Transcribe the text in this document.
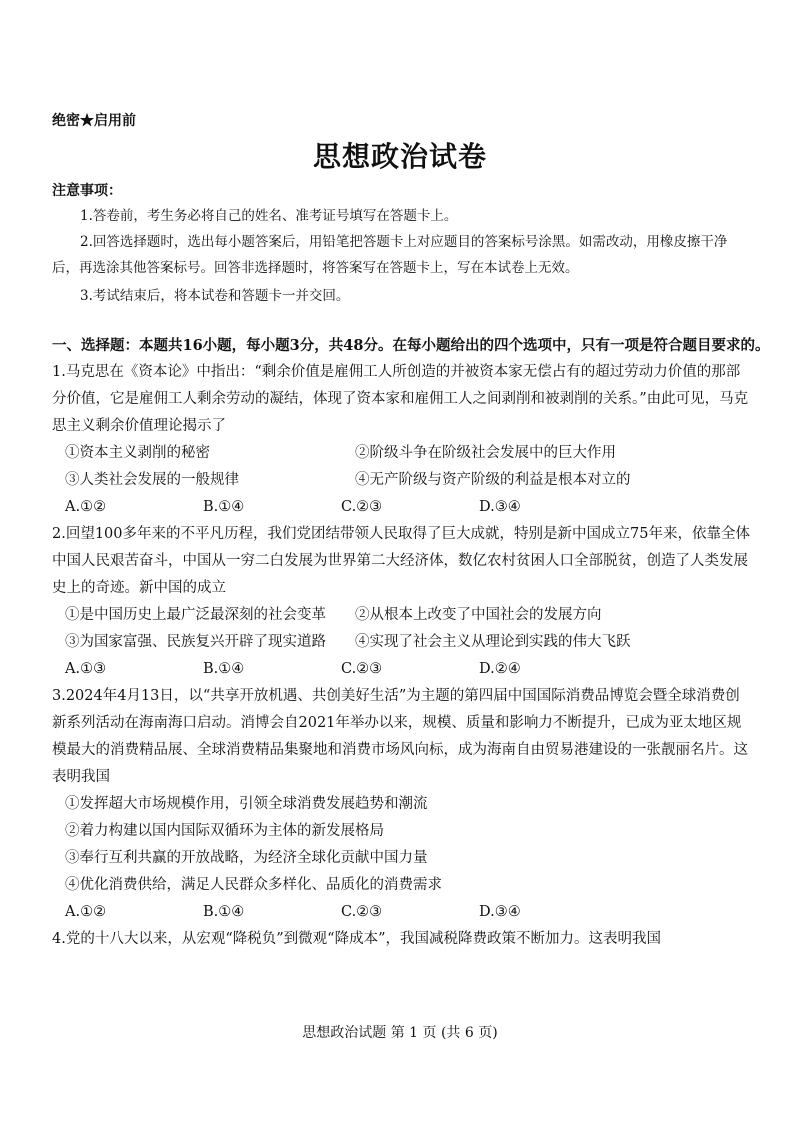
绝密★启用前
思想政治试卷
注意事项：
1.答卷前，考生务必将自己的姓名、准考证号填写在答题卡上。
2.回答选择题时，选出每小题答案后，用铅笔把答题卡上对应题目的答案标号涂黑。如需改动，用橡皮擦干净后，再选涂其他答案标号。回答非选择题时，将答案写在答题卡上，写在本试卷上无效。
3.考试结束后，将本试卷和答题卡一并交回。
一、选择题：本题共16小题，每小题3分，共48分。在每小题给出的四个选项中，只有一项是符合题目要求的。
1.马克思在《资本论》中指出：“剩余价值是雇佣工人所创造的并被资本家无偿占有的超过劳动力价值的那部分价值，它是雇佣工人剩余劳动的凝结，体现了资本家和雇佣工人之间剥削和被剥削的关系。”由此可见，马克思主义剩余价值理论揭示了
①资本主义剥削的秘密	②阶级斗争在阶级社会发展中的巨大作用
③人类社会发展的一般规律	④无产阶级与资产阶级的利益是根本对立的
A.①②	B.①④	C.②③	D.③④
2.回望100多年来的不平凡历程，我们党团结带领人民取得了巨大成就，特别是新中国成立75年来，依靠全体中国人民艰苦奋斗，中国从一穷二白发展为世界第二大经济体，数亿农村贫困人口全部脱贫，创造了人类发展史上的奇迹。新中国的成立
①是中国历史上最广泛最深刻的社会变革	②从根本上改变了中国社会的发展方向
③为国家富强、民族复兴开辟了现实道路	④实现了社会主义从理论到实践的伟大飞跃
A.①③	B.①④	C.②③	D.②④
3.2024年4月13日，以“共享开放机遇、共创美好生活”为主题的第四届中国国际消费品博览会暨全球消费创新系列活动在海南海口启动。消博会自2021年举办以来，规模、质量和影响力不断提升，已成为亚太地区规模最大的消费精品展、全球消费精品集聚地和消费市场风向标，成为海南自由贸易港建设的一张靓丽名片。这表明我国
①发挥超大市场规模作用，引领全球消费发展趋势和潮流
②着力构建以国内国际双循环为主体的新发展格局
③奉行互利共赢的开放战略，为经济全球化贡献中国力量
④优化消费供给，满足人民群众多样化、品质化的消费需求
A.①②	B.①④	C.②③	D.③④
4.党的十八大以来，从宏观“降税负”到微观“降成本”，我国减税降费政策不断加力。这表明我国
思想政治试题 第 1 页 (共 6 页)
